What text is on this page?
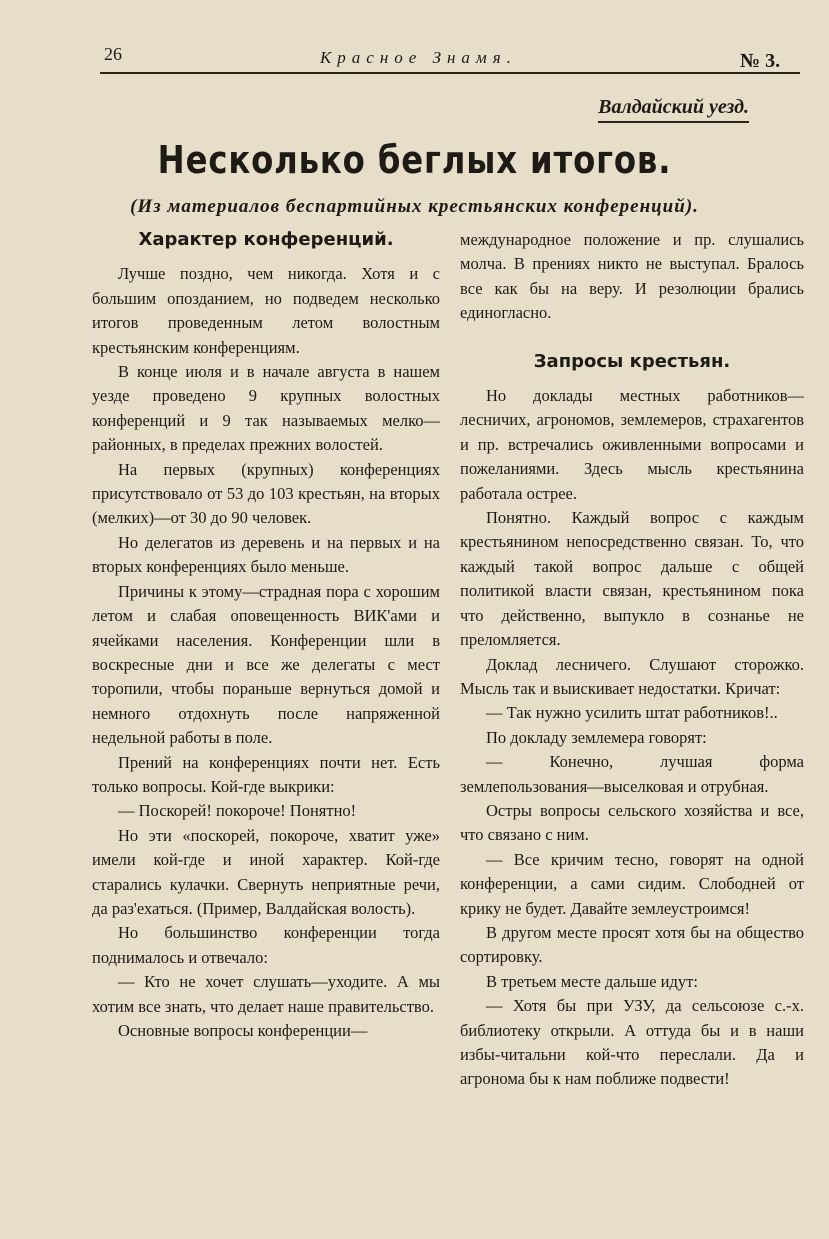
26	Красное Знамя.	№ 3.
Валдайский уезд.
Несколько беглых итогов.
(Из материалов беспартийных крестьянских конференций).
Характер конференций.

Лучше поздно, чем никогда. Хотя и с большим опозданием, но подведем несколько итогов проведенным летом волостным крестьянским конференциям.

В конце июля и в начале августа в нашем уезде проведено 9 крупных волостных конференций и 9 так называемых мелко—районных, в пределах прежних волостей.

На первых (крупных) конференциях присутствовало от 53 до 103 крестьян, на вторых (мелких)—от 30 до 90 человек.

Но делегатов из деревень и на первых и на вторых конференциях было меньше.

Причины к этому—страдная пора с хорошим летом и слабая оповещенность ВИК'ами и ячейками населения. Конференции шли в воскресные дни и все же делегаты с мест торопили, чтобы пораньше вернуться домой и немного отдохнуть после напряженной недельной работы в поле.

Прений на конференциях почти нет. Есть только вопросы. Кой-где выкрики:

— Поскорей! покороче! Понятно!

Но эти «поскорей, покороче, хватит уже» имели кой-где и иной характер. Кой-где старались кулачки. Свернуть неприятные речи, да раз'ехаться. (Пример, Валдайская волость).

Но большинство конференции тогда поднималось и отвечало:

— Кто не хочет слушать—уходите. А мы хотим все знать, что делает наше правительство.

Основные вопросы конференции—

международное положение и пр. слушались молча. В прениях никто не выступал. Бралось все как бы на веру. И резолюции брались единогласно.

Запросы крестьян.

Но доклады местных работников—лесничих, агрономов, землемеров, страхагентов и пр. встречались оживленными вопросами и пожеланиями. Здесь мысль крестьянина работала острее.

Понятно. Каждый вопрос с каждым крестьянином непосредственно связан. То, что каждый такой вопрос дальше с общей политикой власти связан, крестьянином пока что действенно, выпукло в сознанье не преломляется.

Доклад лесничего. Слушают сторожко. Мысль так и выискивает недостатки. Кричат:

— Так нужно усилить штат работников!..

По докладу землемера говорят:

— Конечно, лучшая форма землепользования—выселковая и отрубная.

Остры вопросы сельского хозяйства и все, что связано с ним.

— Все кричим тесно, говорят на одной конференции, а сами сидим. Слободней от крику не будет. Давайте землеустроимся!

В другом месте просят хотя бы на общество сортировку.

В третьем месте дальше идут:

— Хотя бы при УЗУ, да сельсоюзе с.-х. библиотеку открыли. А оттуда бы и в наши избы-читальни кой-что переслали. Да и агронома бы к нам поближе подвести!
